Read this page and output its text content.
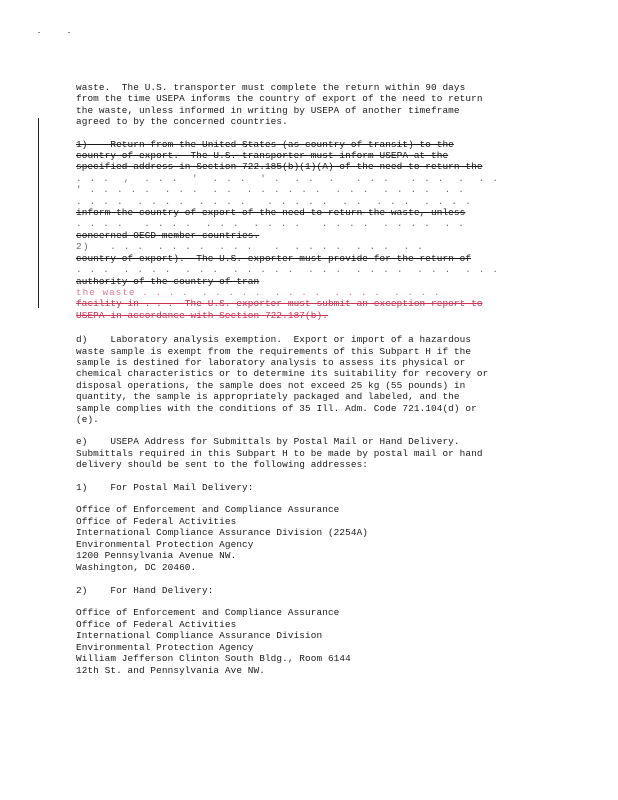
waste.  The U.S. transporter must complete the return within 90 days
from the time USEPA informs the country of export of the need to return
the waste, unless informed in writing by USEPA of another timeframe
agreed to by the concerned countries.
1)    Return from the United States (as country of transit) to the
country of export.  The U.S. transporter must inform USEPA at the
specified address in Section 722.185(b)(1)(A) of the need to return the
. . .  ,  . . .  '  . . .  ' .  . .  .   . . .   . . .  .  . .
' . . . . .  . . .  . .  . . . . . .  . . .  . . . .  . .
. . . .  . . . .  . . . .   . . . . .  . .  . . .  . . . .
inform the country of export of the need to return the waste, unless
. . . .   . . . .  . . .  . . . .   . . . .  . . . .  . .
concerned OECD member countries.
2)   . . .  . . . .  . . .   .  . . . .  . . .  . .
country of export).  The U.S. exporter must provide for the return of
. . .  . . . .  . . .  . . . . .  . . .  . . . .  . . .  . . .
authority of the country of tran
the waste . . . .  . . . . .  . . . .  . . . .  . . . .
facility in . . .  The U.S. exporter must submit an exception report to
USEPA in accordance with Section 722.187(b).
d)    Laboratory analysis exemption.  Export or import of a hazardous
waste sample is exempt from the requirements of this Subpart H if the
sample is destined for laboratory analysis to assess its physical or
chemical characteristics or to determine its suitability for recovery or
disposal operations, the sample does not exceed 25 kg (55 pounds) in
quantity, the sample is appropriately packaged and labeled, and the
sample complies with the conditions of 35 Ill. Adm. Code 721.104(d) or
(e).
e)    USEPA Address for Submittals by Postal Mail or Hand Delivery.
Submittals required in this Subpart H to be made by postal mail or hand
delivery should be sent to the following addresses:
1)    For Postal Mail Delivery:
Office of Enforcement and Compliance Assurance
Office of Federal Activities
International Compliance Assurance Division (2254A)
Environmental Protection Agency
1200 Pennsylvania Avenue NW.
Washington, DC 20460.
2)    For Hand Delivery:
Office of Enforcement and Compliance Assurance
Office of Federal Activities
International Compliance Assurance Division
Environmental Protection Agency
William Jefferson Clinton South Bldg., Room 6144
12th St. and Pennsylvania Ave NW.
